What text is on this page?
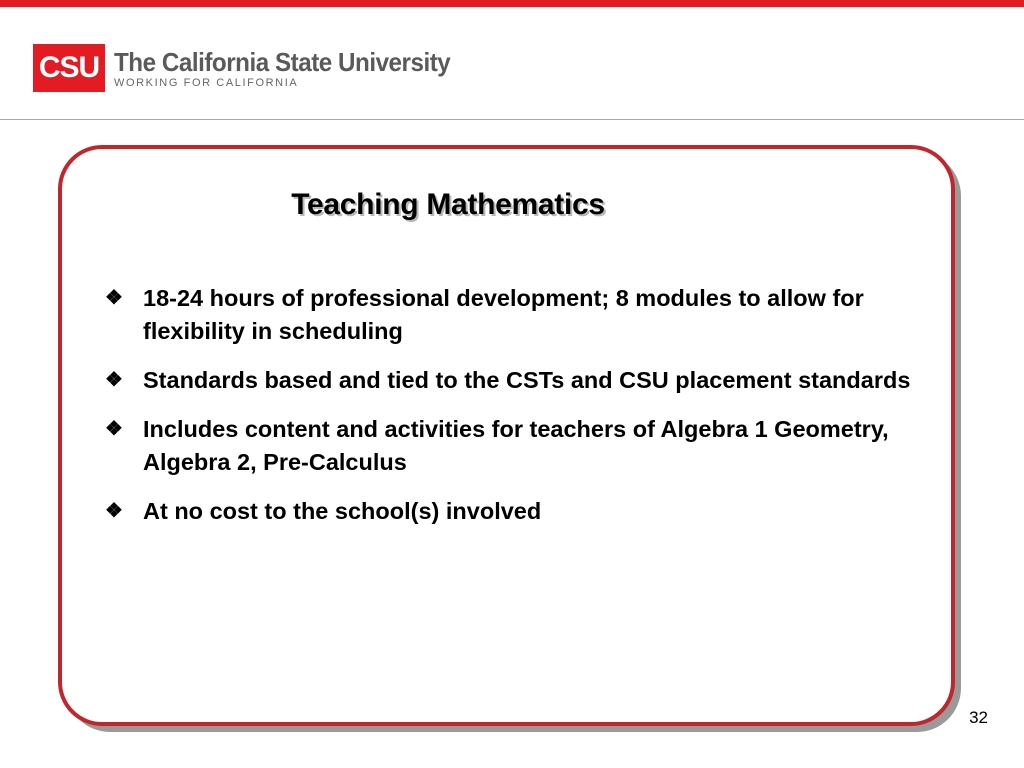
CSU The California State University
WORKING FOR CALIFORNIA
Teaching Mathematics
❖ 18-24 hours of professional development; 8 modules to allow for flexibility in scheduling
❖ Standards based and tied to the CSTs and CSU placement standards
❖ Includes content and activities for teachers of Algebra 1 Geometry, Algebra 2, Pre-Calculus
❖ At no cost to the school(s) involved
32
